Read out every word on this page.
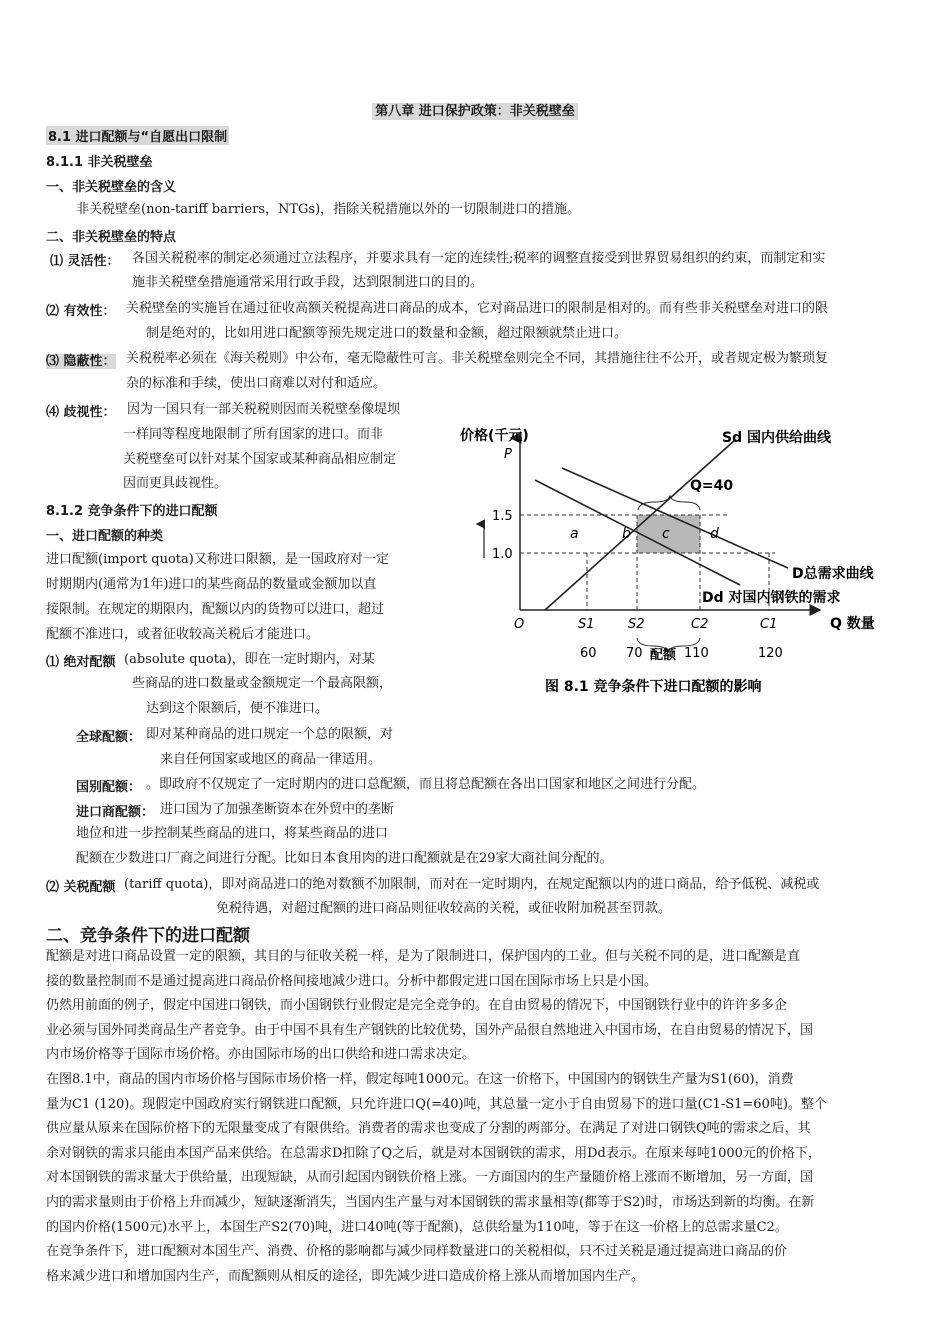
第八章 进口保护政策：非关税壁垒
8.1 进口配额与“自愿出口限制
8.1.1 非关税壁垒
一、非关税壁垒的含义
非关税壁垒(non-tariff barriers，NTGs)，指除关税措施以外的一切限制进口的措施。
二、非关税壁垒的特点
⑴ 灵活性： 各国关税税率的制定必须通过立法程序，并要求具有一定的连续性;税率的调整直接受到世界贸易组织的约束，而制定和实
施非关税壁垒措施通常采用行政手段，达到限制进口的目的。
⑵ 有效性： 关税壁垒的实施旨在通过征收高额关税提高进口商品的成本，它对商品进口的限制是相对的。而有些非关税壁垒对进口的限
制是绝对的，比如用进口配额等预先规定进口的数量和金额，超过限额就禁止进口。
⑶ 隐蔽性： 关税税率必须在《海关税则》中公布，毫无隐蔽性可言。非关税壁垒则完全不同，其措施往往不公开，或者规定极为繁琐复
杂的标准和手续，使出口商难以对付和适应。
⑷ 歧视性： 因为一国只有一部关税税则因而关税壁垒像堤坝
一样同等程度地限制了所有国家的进口。而非
关税壁垒可以针对某个国家或某种商品相应制定
因而更具歧视性。
8.1.2 竞争条件下的进口配额
一、进口配额的种类
进口配额(import quota)又称进口限额，是一国政府对一定
时期期内(通常为1年)进口的某些商品的数量或金额加以直
接限制。在规定的期限内，配额以内的货物可以进口，超过
配额不准进口，或者征收较高关税后才能进口。
⑴ 绝对配额 (absolute quota)，即在一定时期内，对某
些商品的进口数量或金额规定一个最高限额，
达到这个限额后，便不准进口。
全球配额： 即对某种商品的进口规定一个总的限额，对
来自任何国家或地区的商品一律适用。
国别配额： 。即政府不仅规定了一定时期内的进口总配额，而且将总配额在各出口国家和地区之间进行分配。
进口商配额： 进口国为了加强垄断资本在外贸中的垄断
地位和进一步控制某些商品的进口，将某些商品的进口
配额在少数进口厂商之间进行分配。比如日本食用肉的进口配额就是在29家大商社间分配的。
⑵ 关税配额 (tariff quota)，即对商品进口的绝对数额不加限制，而对在一定时期内，在规定配额以内的进口商品，给予低税、减税或
免税待遇，对超过配额的进口商品则征收较高的关税，或征收附加税甚至罚款。
二、竞争条件下的进口配额
配额是对进口商品设置一定的限额，其目的与征收关税一样，是为了限制进口，保护国内的工业。但与关税不同的是，进口配额是直
接的数量控制而不是通过提高进口商品价格间接地减少进口。分析中都假定进口国在国际市场上只是小国。
仍然用前面的例子，假定中国进口钢铁，而小国钢铁行业假定是完全竞争的。在自由贸易的情况下，中国钢铁行业中的许许多多企
业必须与国外同类商品生产者竞争。由于中国不具有生产钢铁的比较优势，国外产品很自然地进入中国市场，在自由贸易的情况下，国
内市场价格等于国际市场价格。亦由国际市场的出口供给和进口需求决定。
在图8.1中，商品的国内市场价格与国际市场价格一样，假定每吨1000元。在这一价格下，中国国内的钢铁生产量为S1(60)，消费
量为C1 (120)。现假定中国政府实行钢铁进口配额，只允许进口Q(=40)吨，其总量一定小于自由贸易下的进口量(C1-S1=60吨)。整个
供应量从原来在国际价格下的无限量变成了有限供给。消费者的需求也变成了分割的两部分。在满足了对进口钢铁Q吨的需求之后，其
余对钢铁的需求只能由本国产品来供给。在总需求D扣除了Q之后，就是对本国钢铁的需求，用Dd表示。在原来每吨1000元的价格下，
对本国钢铁的需求量大于供给量，出现短缺，从而引起国内钢铁价格上涨。一方面国内的生产量随价格上涨而不断增加，另一方面，国
内的需求量则由于价格上升而减少，短缺逐渐消失，当国内生产量与对本国钢铁的需求量相等(都等于S2)时，市场达到新的均衡。在新
的国内价格(1500元)水平上，本国生产S2(70)吨，进口40吨(等于配额)，总供给量为110吨，等于在这一价格上的总需求量C2。
在竞争条件下，进口配额对本国生产、消费、价格的影响都与减少同样数量进口的关税相似，只不过关税是通过提高进口商品的价
格来减少进口和增加国内生产，而配额则从相反的途径，即先减少进口造成价格上涨从而增加国内生产。
价格(千元)
P
Sd 国内供给曲线
Q=40
1.5
1.0
a	b c	d
D总需求曲线
Dd 对国内钢铁的需求
O	S1	S2	C2	C1	Q 数量
60 70 配额 110	120
图 8.1 竞争条件下进口配额的影响
